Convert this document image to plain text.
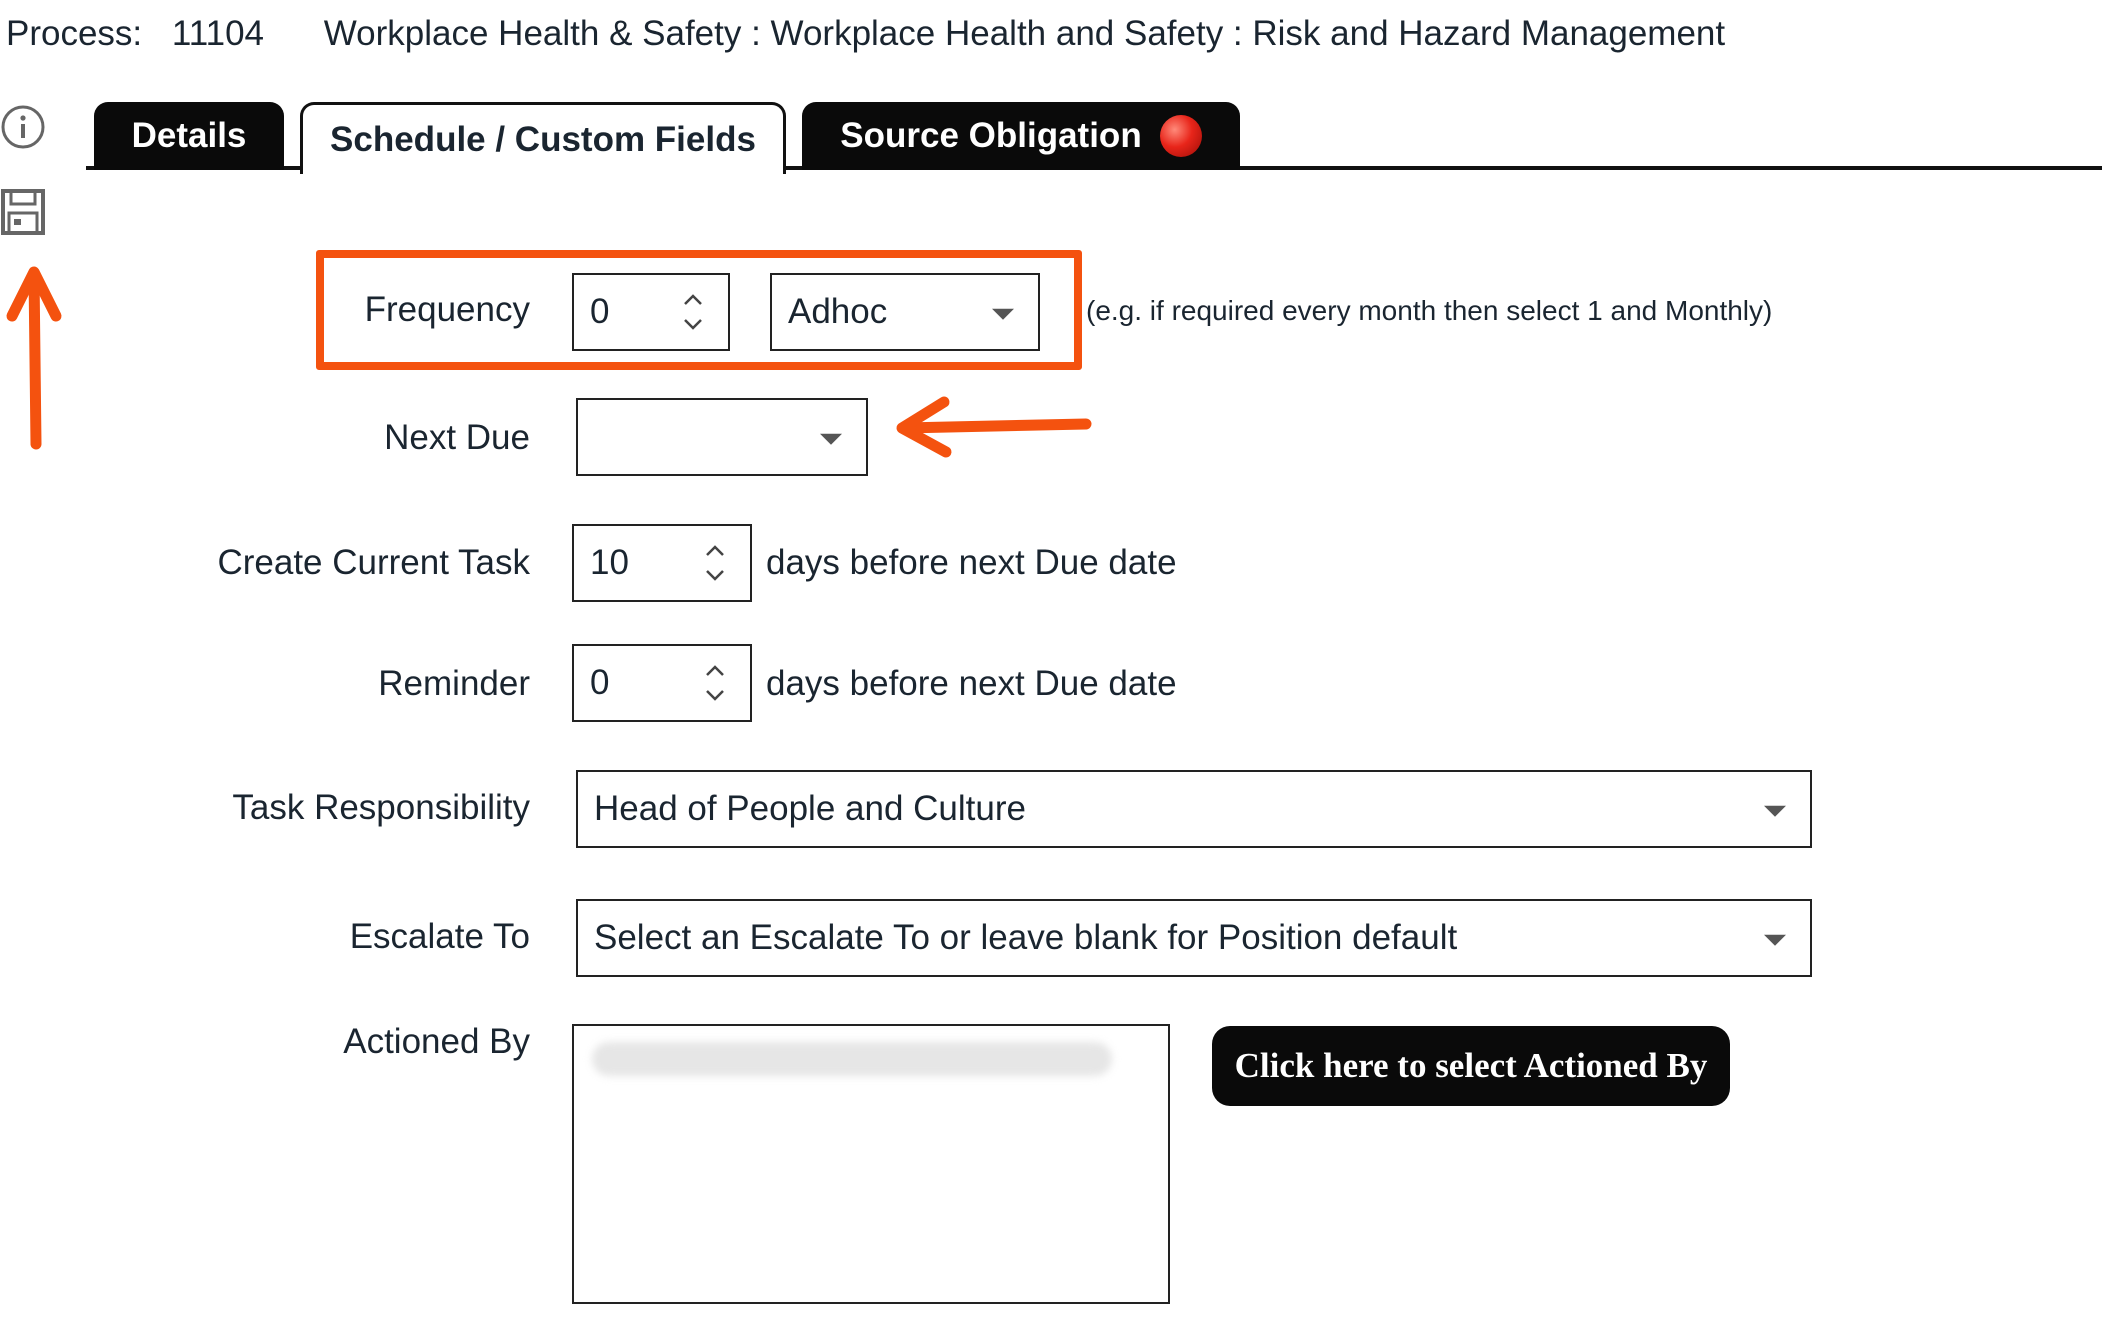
Process: 11104 Workplace Health & Safety : Workplace Health and Safety : Risk and Hazard Management
Details Schedule / Custom Fields Source Obligation
Frequency 0	Adhoc	(e.g. if required every month then select 1 and Monthly)
Next Due
Create Current Task 10	days before next Due date
Reminder 0	days before next Due date
Task Responsibility Head of People and Culture
Escalate To Select an Escalate To or leave blank for Position default
Actioned By
Click here to select Actioned By
